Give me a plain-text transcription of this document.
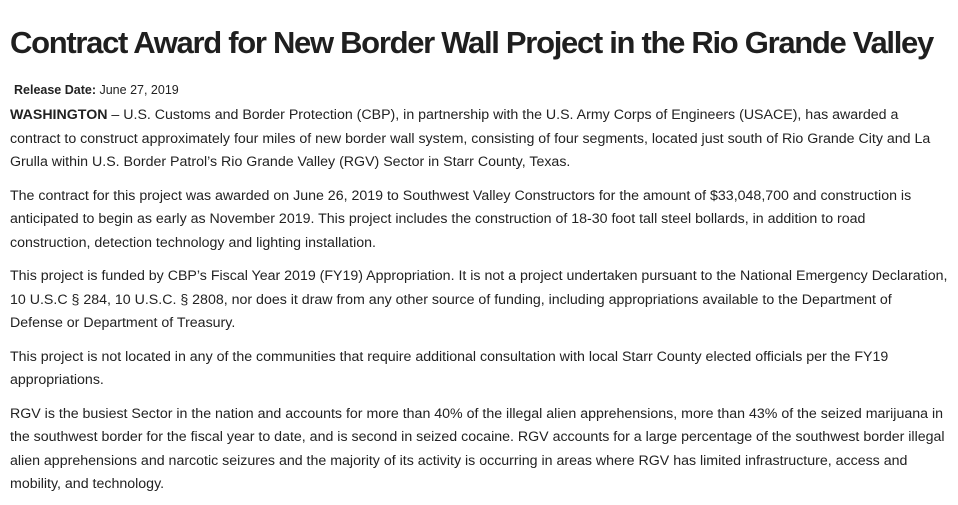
Contract Award for New Border Wall Project in the Rio Grande Valley
Release Date: June 27, 2019

WASHINGTON – U.S. Customs and Border Protection (CBP), in partnership with the U.S. Army Corps of Engineers (USACE), has awarded a contract to construct approximately four miles of new border wall system, consisting of four segments, located just south of Rio Grande City and La Grulla within U.S. Border Patrol’s Rio Grande Valley (RGV) Sector in Starr County, Texas.

The contract for this project was awarded on June 26, 2019 to Southwest Valley Constructors for the amount of $33,048,700 and construction is anticipated to begin as early as November 2019. This project includes the construction of 18-30 foot tall steel bollards, in addition to road construction, detection technology and lighting installation.

This project is funded by CBP’s Fiscal Year 2019 (FY19) Appropriation. It is not a project undertaken pursuant to the National Emergency Declaration, 10 U.S.C § 284, 10 U.S.C. § 2808, nor does it draw from any other source of funding, including appropriations available to the Department of Defense or Department of Treasury.

This project is not located in any of the communities that require additional consultation with local Starr County elected officials per the FY19 appropriations.

RGV is the busiest Sector in the nation and accounts for more than 40% of the illegal alien apprehensions, more than 43% of the seized marijuana in the southwest border for the fiscal year to date, and is second in seized cocaine. RGV accounts for a large percentage of the southwest border illegal alien apprehensions and narcotic seizures and the majority of its activity is occurring in areas where RGV has limited infrastructure, access and mobility, and technology.
